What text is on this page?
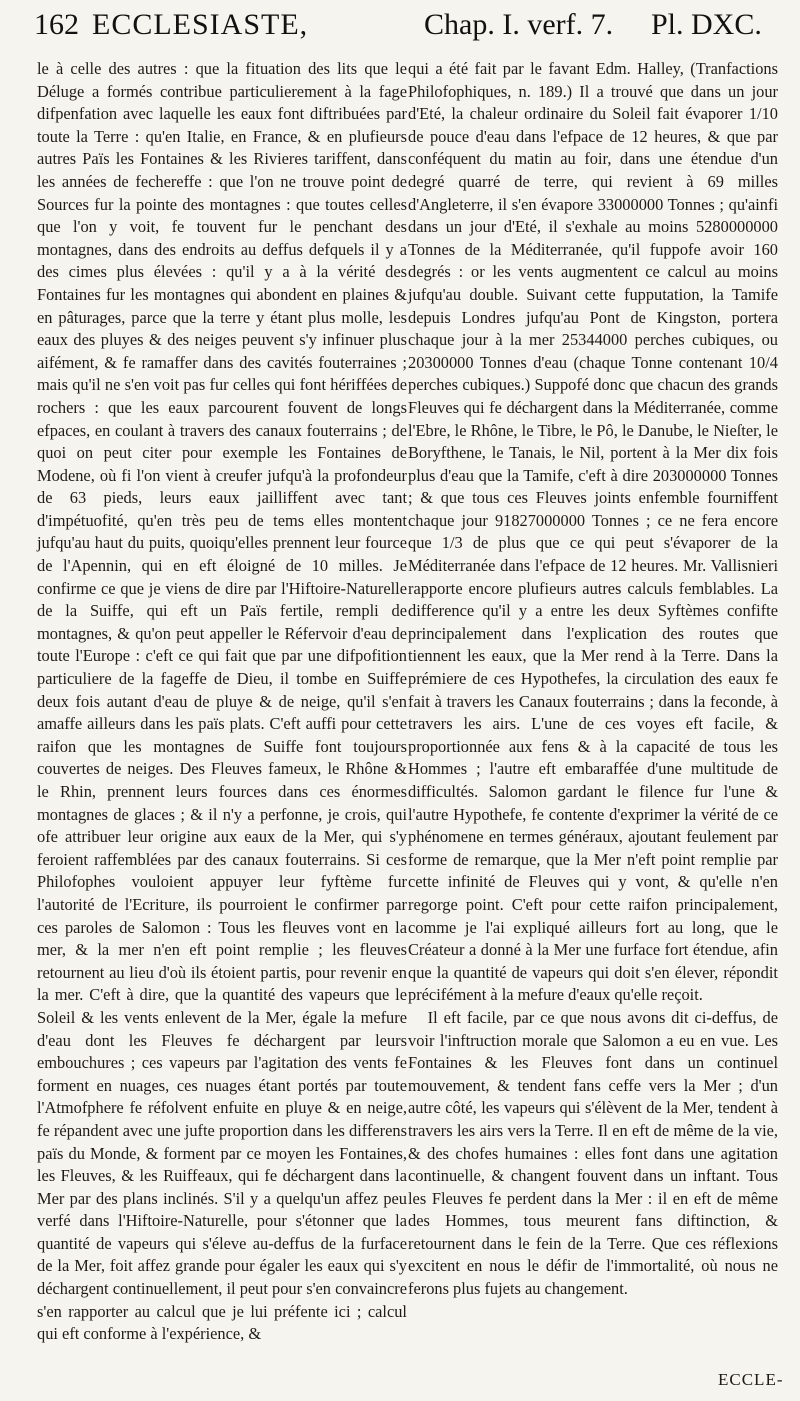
162 ECCLESIASTE,	Chap. I. verf. 7. Pl. DXC.

le à celle des autres : que la fituation des lits que le Déluge a formés contribue particulierement à la fage difpenfation avec laquelle les eaux font diftribuées par toute la Terre : qu'en Italie, en France, & en plufieurs autres Païs les Fontaines & les Rivieres tariffent, dans les années de fechereffe : que l'on ne trouve point de Sources fur la pointe des montagnes : que toutes celles que l'on y voit, fe touvent fur le penchant des montagnes, dans des endroits au deffus defquels il y a des cimes plus élevées : qu'il y a à la vérité des Fontaines fur les montagnes qui abondent en plaines & en pâturages, parce que la terre y étant plus molle, les eaux des pluyes & des neiges peuvent s'y infinuer plus aifément, & fe ramaffer dans des cavités fouterraines ; mais qu'il ne s'en voit pas fur celles qui font hériffées de rochers : que les eaux parcourent fouvent de longs efpaces, en coulant à travers des canaux fouterrains ; de quoi on peut citer pour exemple les Fontaines de Modene, où fi l'on vient à creufer jufqu'à la profondeur de 63 pieds, leurs eaux jailliffent avec tant d'impétuofité, qu'en très peu de tems elles montent jufqu'au haut du puits, quoiqu'elles prennent leur fource de l'Apennin, qui en eft éloigné de 10 milles. Je confirme ce que je viens de dire par l'Hiftoire-Naturelle de la Suiffe, qui eft un Païs fertile, rempli de montagnes, & qu'on peut appeller le Réfervoir d'eau de toute l'Europe : c'eft ce qui fait que par une difpofition particuliere de la fageffe de Dieu, il tombe en Suiffe deux fois autant d'eau de pluye & de neige, qu'il s'en amaffe ailleurs dans les païs plats. C'eft auffi pour cette raifon que les montagnes de Suiffe font toujours couvertes de neiges. Des Fleuves fameux, le Rhône & le Rhin, prennent leurs fources dans ces énormes montagnes de glaces ; & il n'y a perfonne, je crois, qui ofe attribuer leur origine aux eaux de la Mer, qui s'y feroient raffemblées par des canaux fouterrains. Si ces Philofophes vouloient appuyer leur fyftème fur l'autorité de l'Ecriture, ils pourroient le confirmer par ces paroles de Salomon : Tous les fleuves vont en la mer, & la mer n'en eft point remplie ; les fleuves retournent au lieu d'où ils étoient partis, pour revenir en la mer. C'eft à dire, que la quantité des vapeurs que le Soleil & les vents enlevent de la Mer, égale la mefure d'eau dont les Fleuves fe déchargent par leurs embouchures ; ces vapeurs par l'agitation des vents fe forment en nuages, ces nuages étant portés par toute l'Atmofphere fe réfolvent enfuite en pluye & en neige, fe répandent avec une jufte proportion dans les differens païs du Monde, & forment par ce moyen les Fontaines, les Fleuves, & les Ruiffeaux, qui fe déchargent dans la Mer par des plans inclinés. S'il y a quelqu'un affez peu verfé dans l'Hiftoire-Naturelle, pour s'étonner que la quantité de vapeurs qui s'éleve au-deffus de la furface de la Mer, foit affez grande pour égaler les eaux qui s'y déchargent continuellement, il peut pour s'en convaincre s'en rapporter au calcul que je lui préfente ici ; calcul qui eft conforme à l'expérience, &

qui a été fait par le favant Edm. Halley, (Tranfactions Philofophiques, n. 189.) Il a trouvé que dans un jour d'Eté, la chaleur ordinaire du Soleil fait évaporer 1/10 de pouce d'eau dans l'efpace de 12 heures, & que par conféquent du matin au foir, dans une étendue d'un degré quarré de terre, qui revient à 69 milles d'Angleterre, il s'en évapore 33000000 Tonnes ; qu'ainfi dans un jour d'Eté, il s'exhale au moins 5280000000 Tonnes de la Méditerranée, qu'il fuppofe avoir 160 degrés : or les vents augmentent ce calcul au moins jufqu'au double. Suivant cette fupputation, la Tamife depuis Londres jufqu'au Pont de Kingston, portera chaque jour à la mer 25344000 perches cubiques, ou 20300000 Tonnes d'eau (chaque Tonne contenant 10/4 perches cubiques.) Suppofé donc que chacun des grands Fleuves qui fe déchargent dans la Méditerranée, comme l'Ebre, le Rhône, le Tibre, le Pô, le Danube, le Nieſter, le Boryfthene, le Tanais, le Nil, portent à la Mer dix fois plus d'eau que la Tamife, c'eft à dire 203000000 Tonnes ; & que tous ces Fleuves joints enfemble fourniffent chaque jour 91827000000 Tonnes ; ce ne fera encore que 1/3 de plus que ce qui peut s'évaporer de la Méditerranée dans l'efpace de 12 heures. Mr. Vallisnieri rapporte encore plufieurs autres calculs femblables. La difference qu'il y a entre les deux Syftèmes confifte principalement dans l'explication des routes que tiennent les eaux, que la Mer rend à la Terre. Dans la prémiere de ces Hypothefes, la circulation des eaux fe fait à travers les Canaux fouterrains ; dans la feconde, à travers les airs. L'une de ces voyes eft facile, & proportionnée aux fens & à la capacité de tous les Hommes ; l'autre eft embaraffée d'une multitude de difficultés. Salomon gardant le filence fur l'une & l'autre Hypothefe, fe contente d'exprimer la vérité de ce phénomene en termes généraux, ajoutant feulement par forme de remarque, que la Mer n'eft point remplie par cette infinité de Fleuves qui y vont, & qu'elle n'en regorge point. C'eft pour cette raifon principalement, comme je l'ai expliqué ailleurs fort au long, que le Créateur a donné à la Mer une furface fort étendue, afin que la quantité de vapeurs qui doit s'en élever, répondit précifément à la mefure d'eaux qu'elle reçoit.

Il eft facile, par ce que nous avons dit ci-deffus, de voir l'inftruction morale que Salomon a eu en vue. Les Fontaines & les Fleuves font dans un continuel mouvement, & tendent fans ceffe vers la Mer ; d'un autre côté, les vapeurs qui s'élèvent de la Mer, tendent à travers les airs vers la Terre. Il en eft de même de la vie, & des chofes humaines : elles font dans une agitation continuelle, & changent fouvent dans un inftant. Tous les Fleuves fe perdent dans la Mer : il en eft de même des Hommes, tous meurent fans diftinction, & retournent dans le fein de la Terre. Que ces réflexions excitent en nous le défir de l'immortalité, où nous ne ferons plus fujets au changement.

ECCLE-
